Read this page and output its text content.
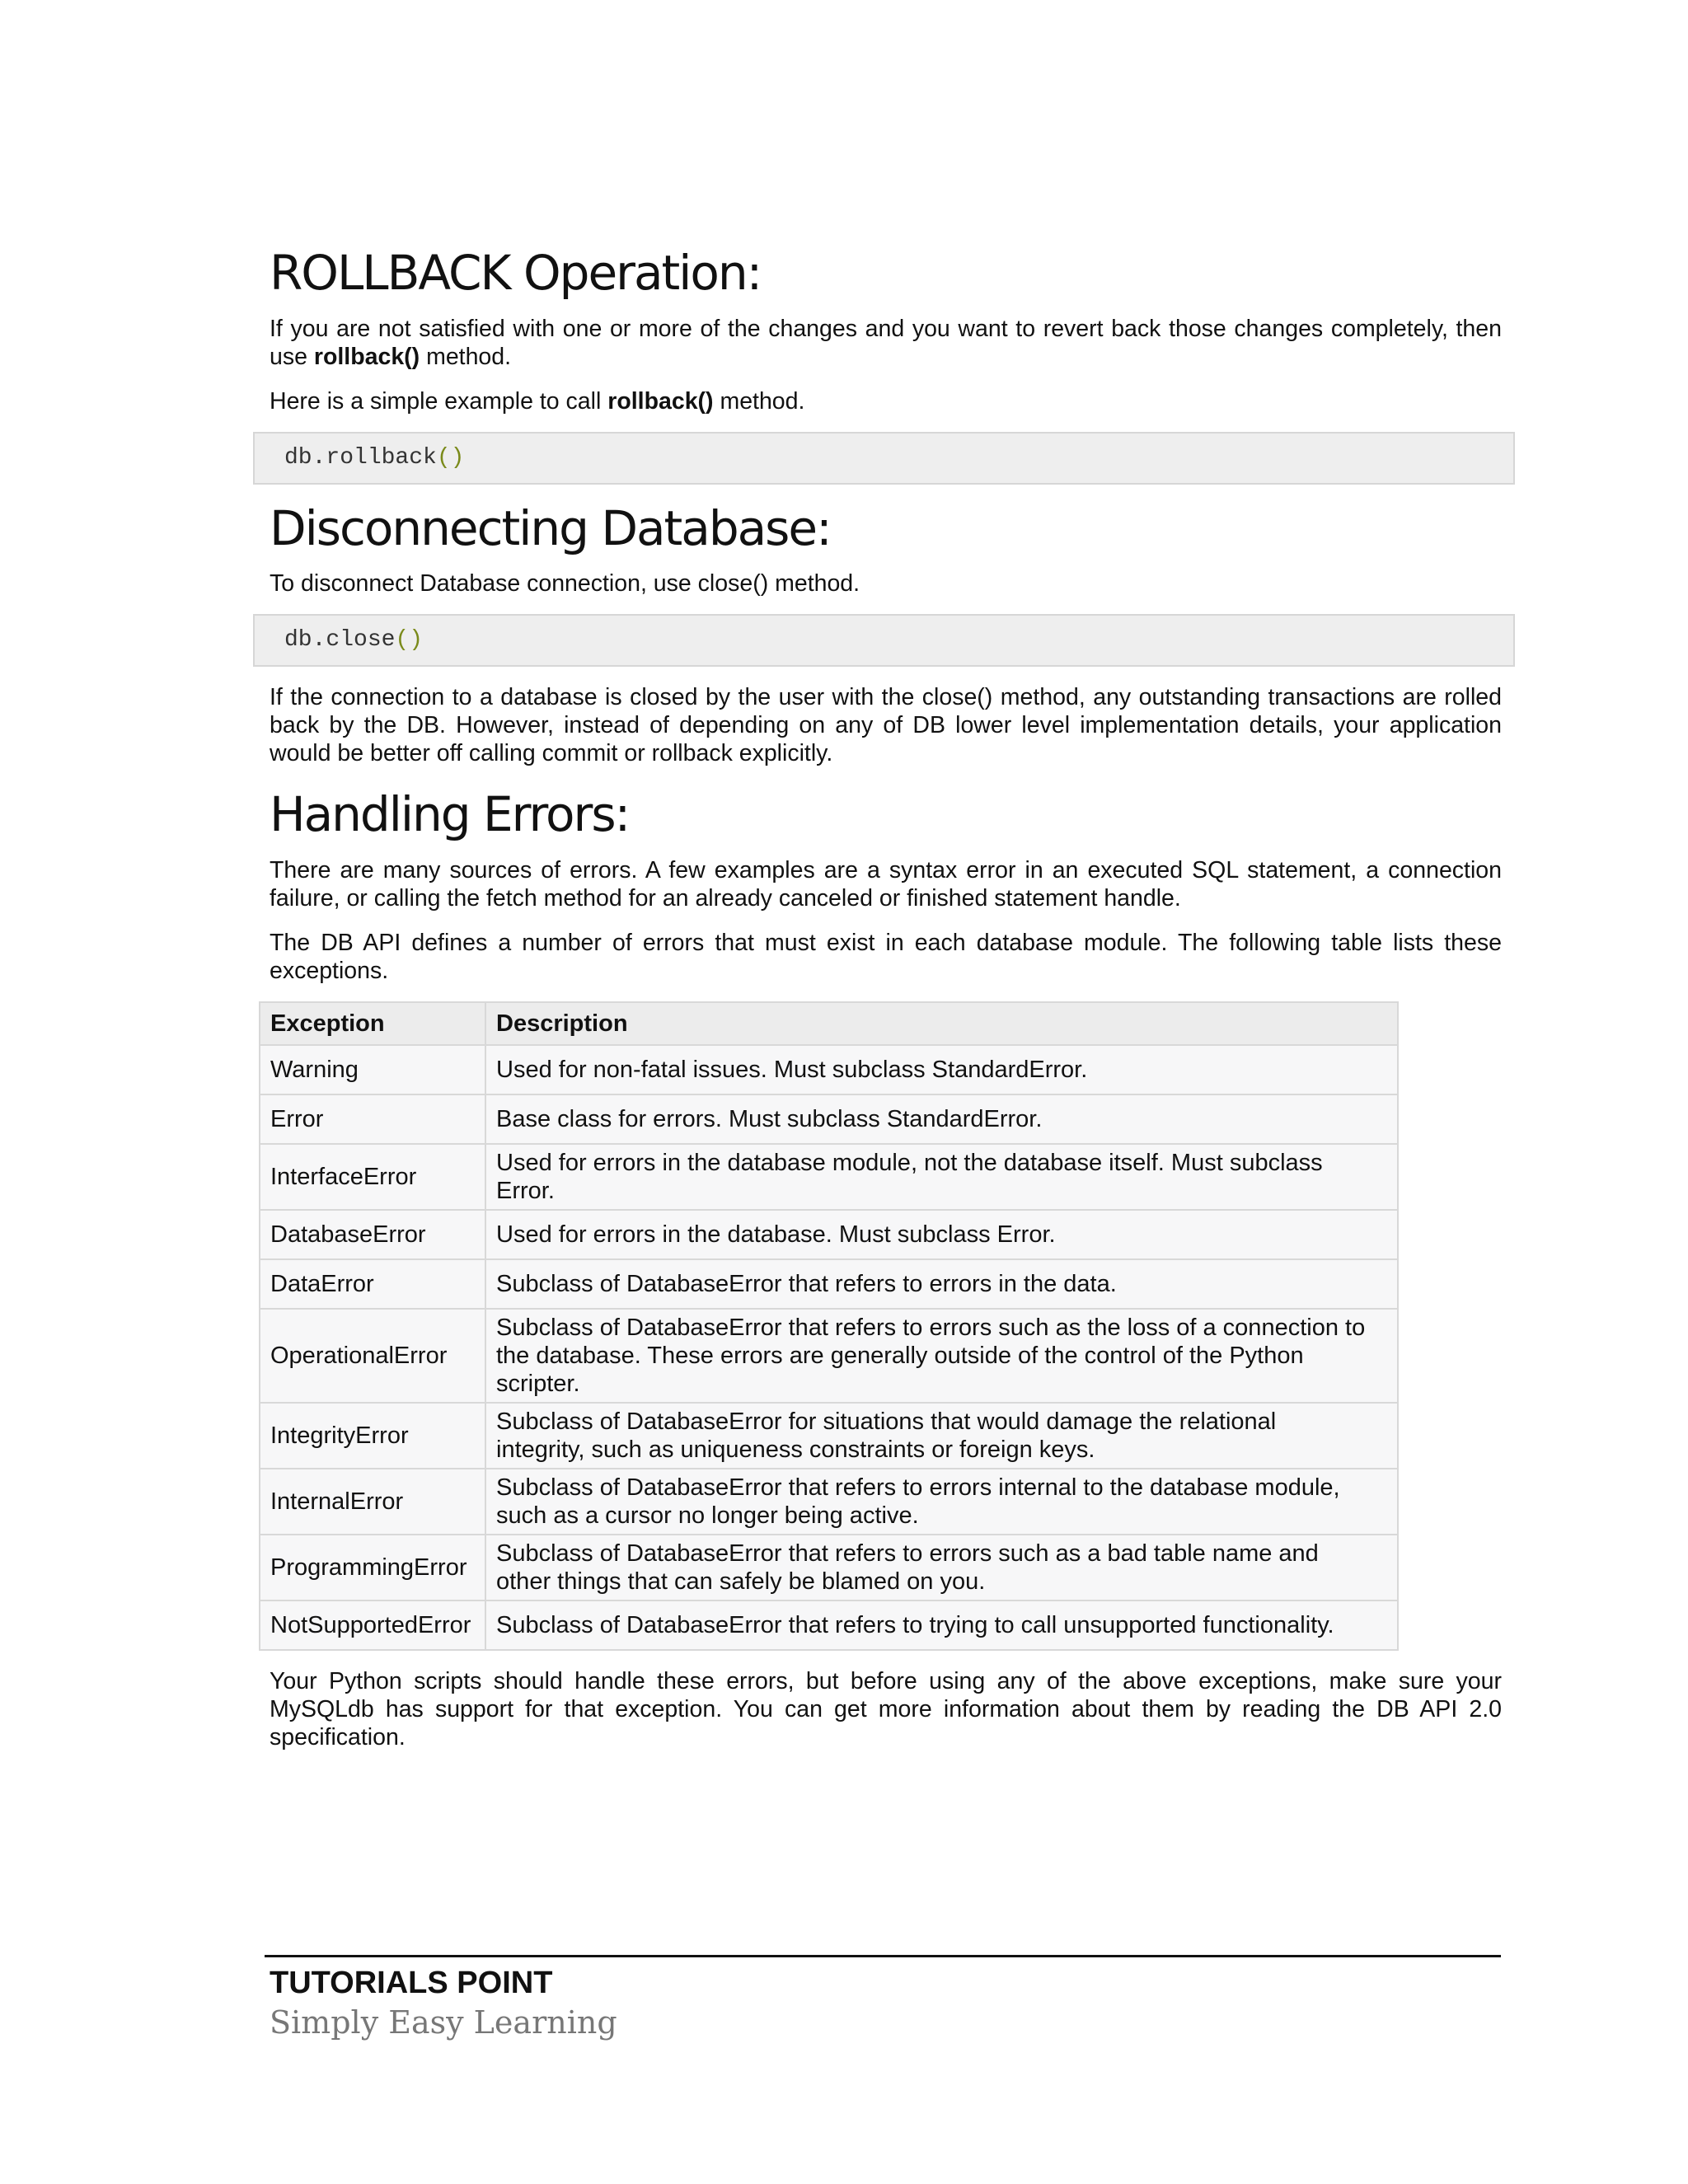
ROLLBACK Operation:

If you are not satisfied with one or more of the changes and you want to revert back those changes completely, then use rollback() method.

Here is a simple example to call rollback() method.

db.rollback()
Disconnecting Database:

To disconnect Database connection, use close() method.

db.close()

If the connection to a database is closed by the user with the close() method, any outstanding transactions are rolled back by the DB. However, instead of depending on any of DB lower level implementation details, your application would be better off calling commit or rollback explicitly.

Handling Errors:

There are many sources of errors. A few examples are a syntax error in an executed SQL statement, a connection failure, or calling the fetch method for an already canceled or finished statement handle.

The DB API defines a number of errors that must exist in each database module. The following table lists these exceptions.

Exception	Description
Warning	Used for non-fatal issues. Must subclass StandardError.
Error	Base class for errors. Must subclass StandardError.
InterfaceError	Used for errors in the database module, not the database itself. Must subclass Error.
DatabaseError	Used for errors in the database. Must subclass Error.
DataError	Subclass of DatabaseError that refers to errors in the data.
OperationalError	Subclass of DatabaseError that refers to errors such as the loss of a connection to the database. These errors are generally outside of the control of the Python scripter.
IntegrityError	Subclass of DatabaseError for situations that would damage the relational integrity, such as uniqueness constraints or foreign keys.
InternalError	Subclass of DatabaseError that refers to errors internal to the database module, such as a cursor no longer being active.
ProgrammingError	Subclass of DatabaseError that refers to errors such as a bad table name and other things that can safely be blamed on you.
NotSupportedError	Subclass of DatabaseError that refers to trying to call unsupported functionality.

Your Python scripts should handle these errors, but before using any of the above exceptions, make sure your MySQLdb has support for that exception. You can get more information about them by reading the DB API 2.0 specification.

TUTORIALS POINT
Simply Easy Learning
